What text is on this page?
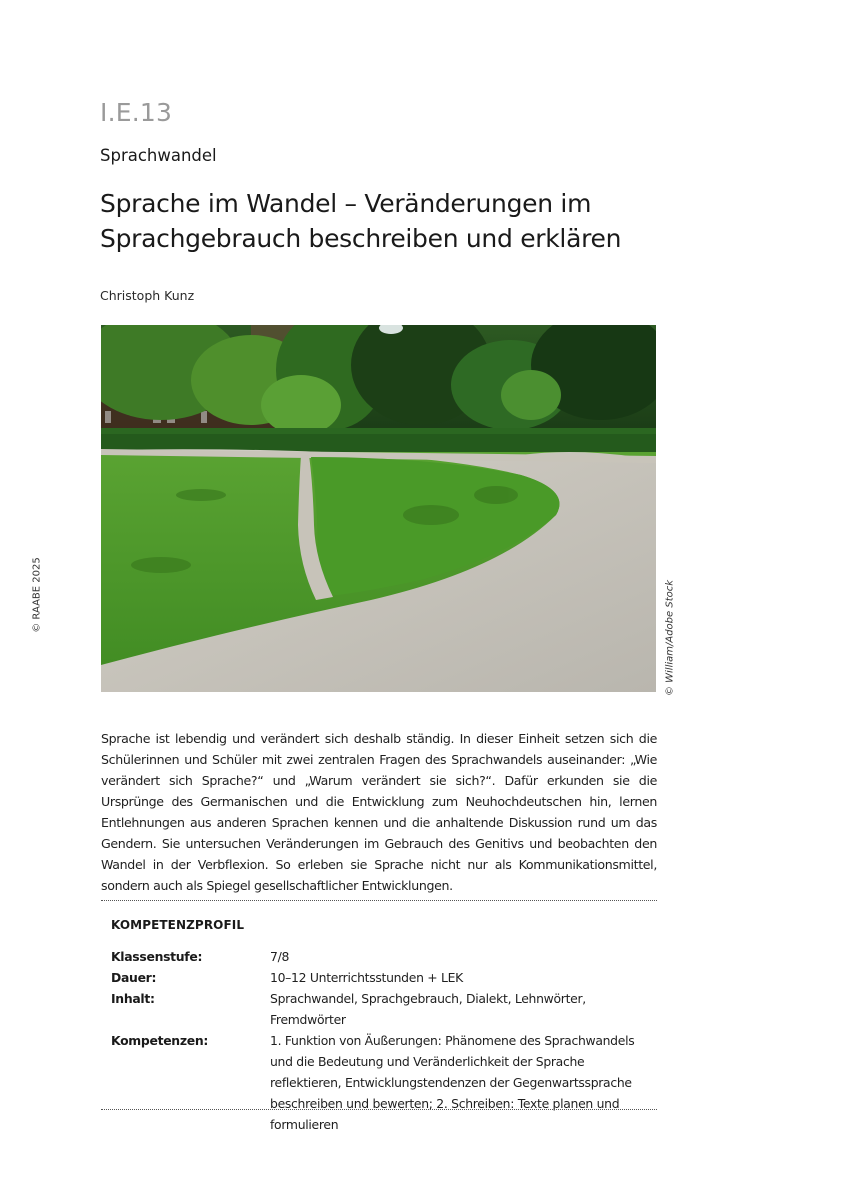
I.E.13
Sprachwandel
Sprache im Wandel – Veränderungen im
Sprachgebrauch beschreiben und erklären
Christoph Kunz
© RAABE 2025	© William/Adobe Stock
Sprache ist lebendig und verändert sich deshalb ständig. In dieser Einheit setzen sich die Schülerinnen und Schüler mit zwei zentralen Fragen des Sprachwandels auseinander: „Wie verändert sich Sprache?“ und „Warum verändert sie sich?“. Dafür erkunden sie die Ursprünge des Germanischen und die Entwicklung zum Neuhochdeutschen hin, lernen Entlehnungen aus anderen Sprachen kennen und die anhaltende Diskussion rund um das Gendern. Sie untersuchen Veränderungen im Gebrauch des Genitivs und beobachten den Wandel in der Verbflexion. So erleben sie Sprache nicht nur als Kommunikationsmittel, sondern auch als Spiegel gesellschaftlicher Entwicklungen.
KOMPETENZPROFIL
Klassenstufe:	7/8
Dauer:	10–12 Unterrichtsstunden + LEK
Inhalt:	Sprachwandel, Sprachgebrauch, Dialekt, Lehnwörter, Fremdwörter
Kompetenzen:	1. Funktion von Äußerungen: Phänomene des Sprachwandels und die Bedeutung und Veränderlichkeit der Sprache reflektieren, Entwicklungstendenzen der Gegenwartssprache beschreiben und bewerten; 2. Schreiben: Texte planen und formulieren
